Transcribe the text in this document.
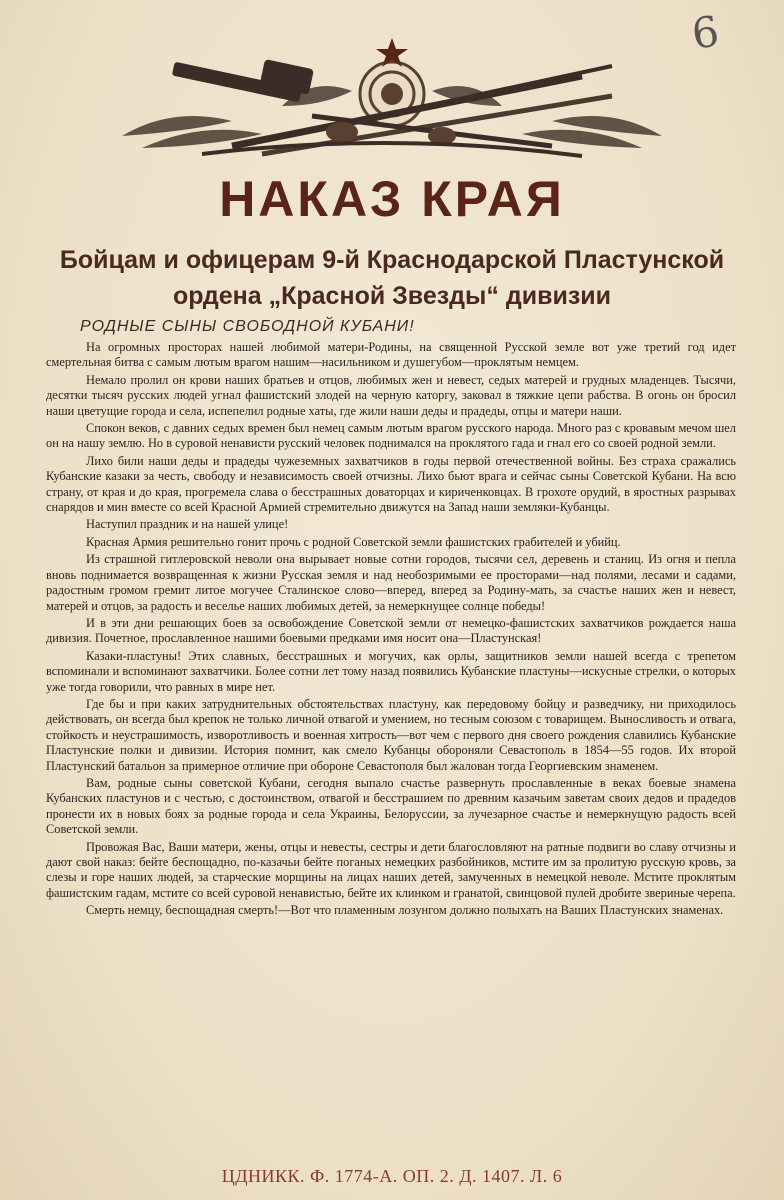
6
НАКАЗ КРАЯ
Бойцам и офицерам 9-й Краснодарской Пластунской
ордена „Красной Звезды“ дивизии
РОДНЫЕ СЫНЫ СВОБОДНОЙ КУБАНИ!

На огромных просторах нашей любимой матери-Родины, на священной Русской земле вот уже третий год идет смертельная битва с самым лютым врагом нашим—насильником и душегубом—проклятым немцем.

Немало пролил он крови наших братьев и отцов, любимых жен и невест, седых матерей и грудных младенцев. Тысячи, десятки тысяч русских людей угнал фашистский злодей на черную каторгу, заковал в тяжкие цепи рабства. В огонь он бросил наши цветущие города и села, испепелил родные хаты, где жили наши деды и прадеды, отцы и матери наши.

Спокон веков, с давних седых времен был немец самым лютым врагом русского народа. Много раз с кровавым мечом шел он на нашу землю. Но в суровой ненависти русский человек поднимался на проклятого гада и гнал его со своей родной земли.

Лихо били наши деды и прадеды чужеземных захватчиков в годы первой отечественной войны. Без страха сражались Кубанские казаки за честь, свободу и независимость своей отчизны. Лихо бьют врага и сейчас сыны Советской Кубани. На всю страну, от края и до края, прогремела слава о бесстрашных доваторцах и кириченковцах. В грохоте орудий, в яростных разрывах снарядов и мин вместе со всей Красной Армией стремительно движутся на Запад наши земляки-Кубанцы.

Наступил праздник и на нашей улице!

Красная Армия решительно гонит прочь с родной Советской земли фашистских грабителей и убийц.

Из страшной гитлеровской неволи она вырывает новые сотни городов, тысячи сел, деревень и станиц. Из огня и пепла вновь поднимается возвращенная к жизни Русская земля и над необозримыми ее просторами—над полями, лесами и садами, радостным громом гремит литое могучее Сталинское слово—вперед, вперед за Родину-мать, за счастье наших жен и невест, матерей и отцов, за радость и веселье наших любимых детей, за немеркнущее солнце победы!

И в эти дни решающих боев за освобождение Советской земли от немецко-фашистских захватчиков рождается наша дивизия. Почетное, прославленное нашими боевыми предками имя носит она—Пластунская!

Казаки-пластуны! Этих славных, бесстрашных и могучих, как орлы, защитников земли нашей всегда с трепетом вспоминали и вспоминают захватчики. Более сотни лет тому назад появились Кубанские пластуны—искусные стрелки, о которых уже тогда говорили, что равных в мире нет.

Где бы и при каких затруднительных обстоятельствах пластуну, как передовому бойцу и разведчику, ни приходилось действовать, он всегда был крепок не только личной отвагой и умением, но тесным союзом с товарищем. Выносливость и отвага, стойкость и неустрашимость, изворотливость и военная хитрость—вот чем с первого дня своего рождения славились Кубанские Пластунские полки и дивизии. История помнит, как смело Кубанцы обороняли Севастополь в 1854—55 годов. Их второй Пластунский батальон за примерное отличие при обороне Севастополя был жалован тогда Георгиевским знаменем.

Вам, родные сыны советской Кубани, сегодня выпало счастье развернуть прославленные в веках боевые знамена Кубанских пластунов и с честью, с достоинством, отвагой и бесстрашием по древним казачьим заветам своих дедов и прадедов пронести их в новых боях за родные города и села Украины, Белоруссии, за лучезарное счастье и немеркнущую радость всей Советской земли.

Провожая Вас, Ваши матери, жены, отцы и невесты, сестры и дети благословляют на ратные подвиги во славу отчизны и дают свой наказ: бейте беспощадно, по-казачьи бейте поганых немецких разбойников, мстите им за пролитую русскую кровь, за слезы и горе наших людей, за старческие морщины на лицах наших детей, замученных в немецкой неволе. Мстите проклятым фашистским гадам, мстите со всей суровой ненавистью, бейте их клинком и гранатой, свинцовой пулей дробите звериные черепа.

Смерть немцу, беспощадная смерть!—Вот что пламенным лозунгом должно полыхать на Ваших Пластунских знаменах.

ЦДНИКК. Ф. 1774-А. ОП. 2. Д. 1407. Л. 6
